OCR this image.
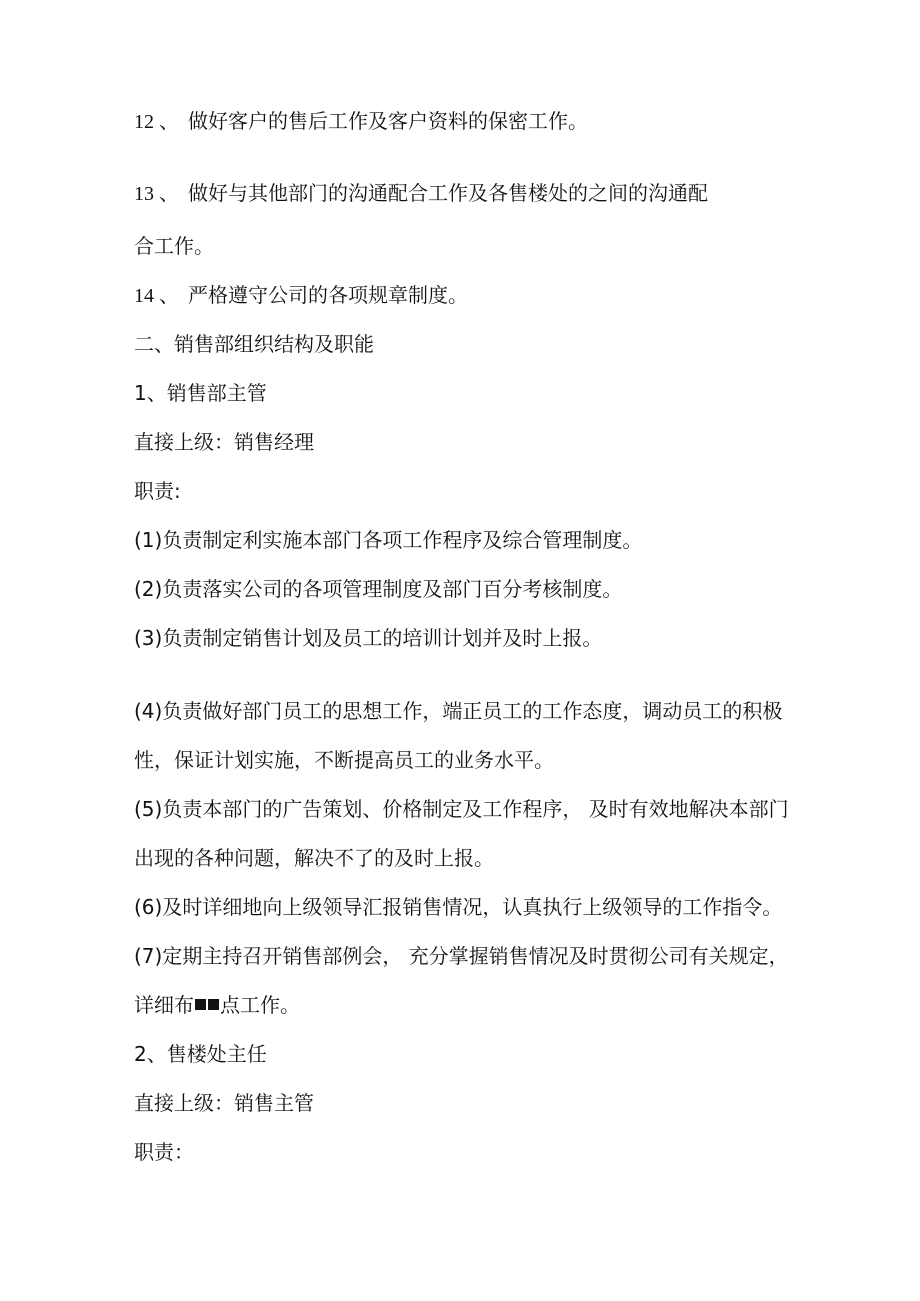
12 、 做好客户的售后工作及客户资料的保密工作。

13 、 做好与其他部门的沟通配合工作及各售楼处的之间的沟通配

合工作。

14 、 严格遵守公司的各项规章制度。

二、销售部组织结构及职能

1、销售部主管

直接上级：销售经理

职责:

(1)负责制定利实施本部门各项工作程序及综合管理制度。

(2)负责落实公司的各项管理制度及部门百分考核制度。

(3)负责制定销售计划及员工的培训计划并及时上报。

(4)负责做好部门员工的思想工作，端正员工的工作态度，调动员工的积极

性，保证计划实施，不断提高员工的业务水平。

(5)负责本部门的广告策划、价格制定及工作程序， 及时有效地解决本部门

出现的各种问题，解决不了的及时上报。

(6)及时详细地向上级领导汇报销售情况，认真执行上级领导的工作指令。

(7)定期主持召开销售部例会， 充分掌握销售情况及时贯彻公司有关规定，

详细布 点工作。

2、售楼处主任

直接上级：销售主管

职责：
